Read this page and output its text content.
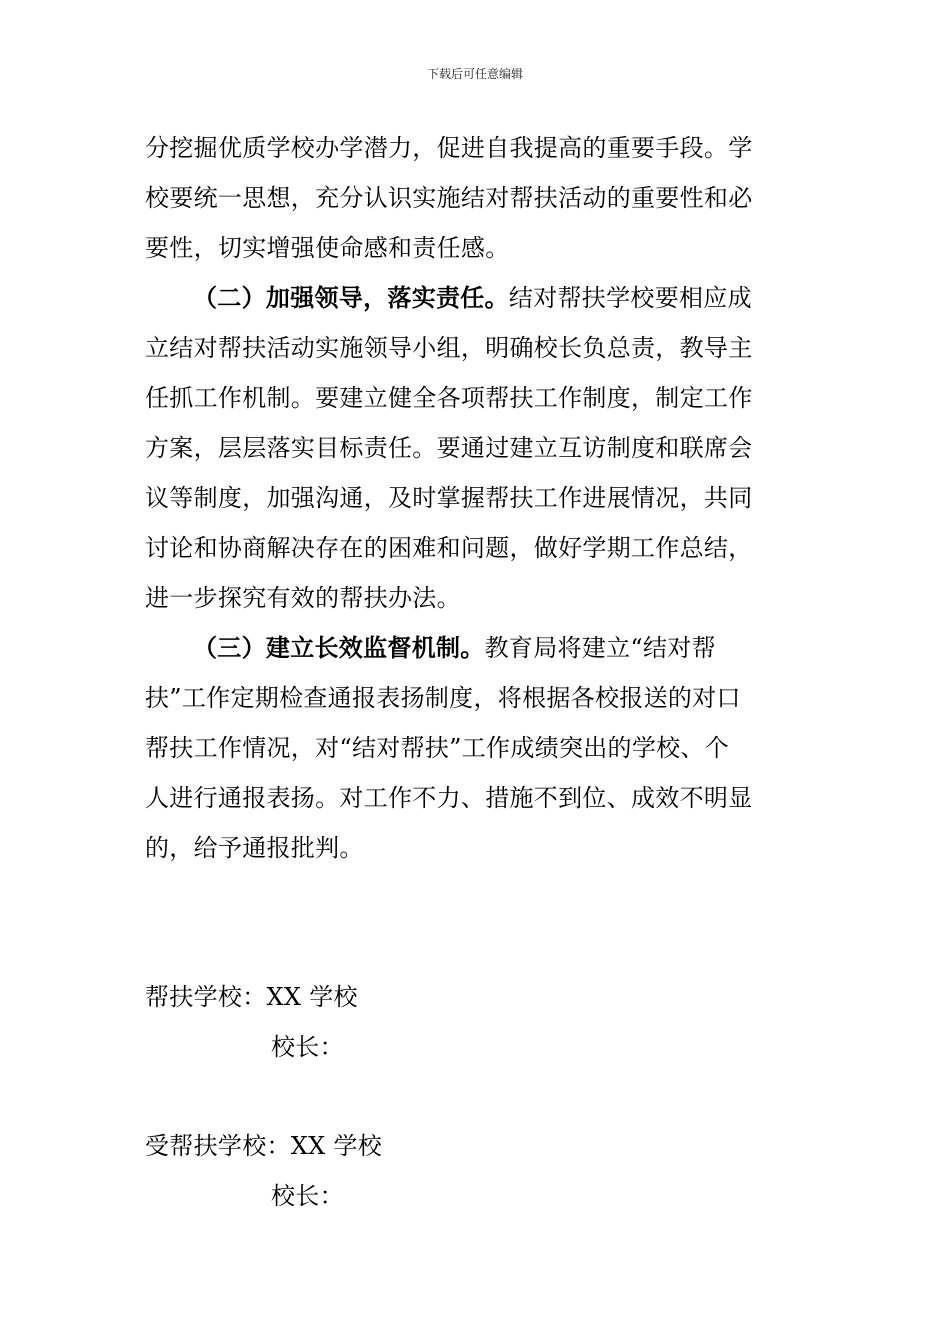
下载后可任意编辑
分挖掘优质学校办学潜力，促进自我提高的重要手段。学
校要统一思想，充分认识实施结对帮扶活动的重要性和必
要性，切实增强使命感和责任感。
（二）加强领导，落实责任。结对帮扶学校要相应成
立结对帮扶活动实施领导小组，明确校长负总责，教导主
任抓工作机制。要建立健全各项帮扶工作制度，制定工作
方案，层层落实目标责任。要通过建立互访制度和联席会
议等制度，加强沟通，及时掌握帮扶工作进展情况，共同
讨论和协商解决存在的困难和问题，做好学期工作总结，
进一步探究有效的帮扶办法。
（三）建立长效监督机制。教育局将建立“结对帮
扶”工作定期检查通报表扬制度，将根据各校报送的对口
帮扶工作情况，对“结对帮扶”工作成绩突出的学校、个
人进行通报表扬。对工作不力、措施不到位、成效不明显
的，给予通报批判。
帮扶学校：XX 学校
校长：
受帮扶学校：XX 学校
校长：
